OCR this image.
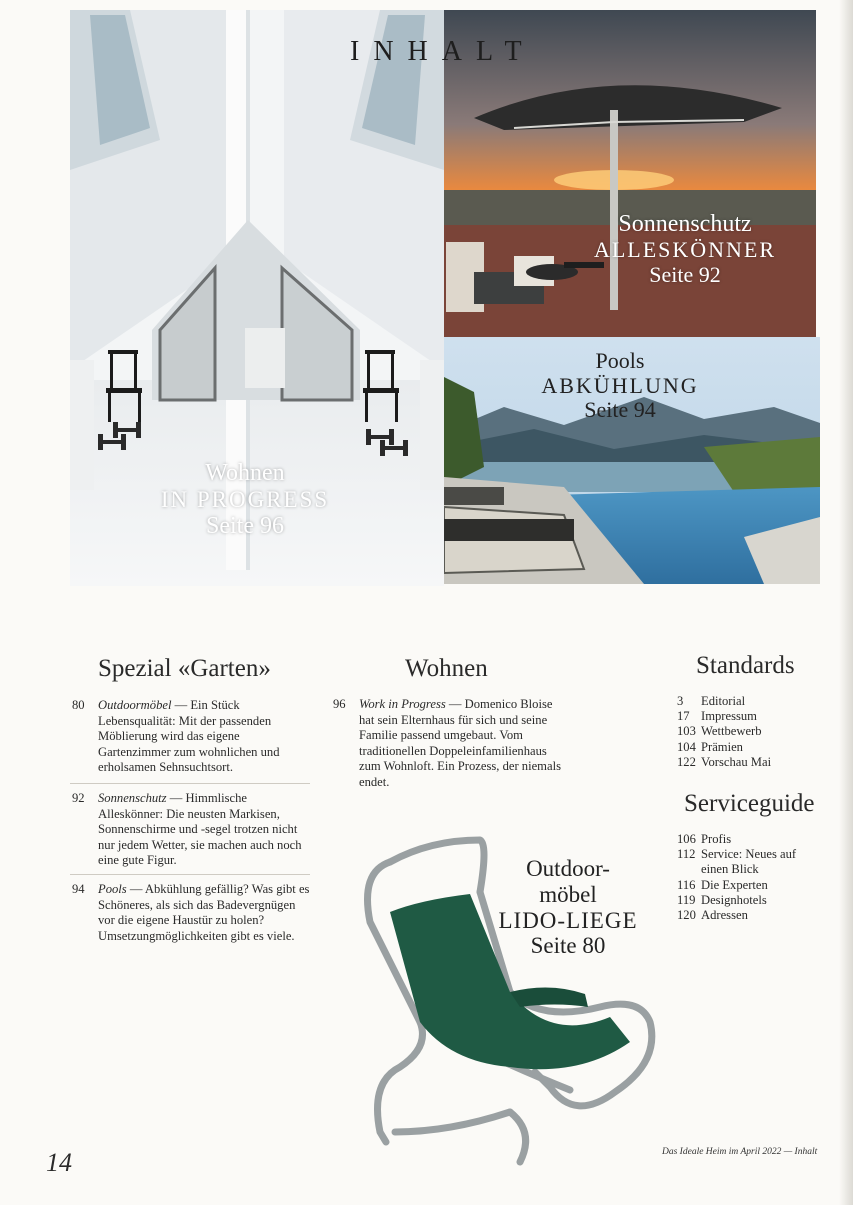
INHALT
Wohnen
IN PROGRESS
Seite 96
Sonnenschutz
ALLESKÖNNER
Seite 92
Pools
ABKÜHLUNG
Seite 94
Spezial «Garten»
80 Outdoormöbel — Ein Stück Lebensqualität: Mit der passenden Möblierung wird das eigene Gartenzimmer zum wohnlichen und erholsamen Sehnsuchtsort.
92 Sonnenschutz — Himmlische Alleskönner: Die neusten Markisen, Sonnenschirme und -segel trotzen nicht nur jedem Wetter, sie machen auch noch eine gute Figur.
94 Pools — Abkühlung gefällig? Was gibt es Schöneres, als sich das Badevergnügen vor die eigene Haustür zu holen? Umsetzungmöglichkeiten gibt es viele.
Wohnen
96 Work in Progress — Domenico Bloise hat sein Elternhaus für sich und seine Familie passend umgebaut. Vom traditionellen Doppeleinfamilienhaus zum Wohnloft. Ein Prozess, der niemals endet.
Standards
3	Editorial
17 Impressum
103 Wettbewerb
104 Prämien
122 Vorschau Mai
Serviceguide
106 Profis
112 Service: Neues auf einen Blick
116 Die Experten
119 Designhotels
120 Adressen
Outdoor-
möbel
LIDO-LIEGE
Seite 80
14	Das Ideale Heim im April 2022 — Inhalt
